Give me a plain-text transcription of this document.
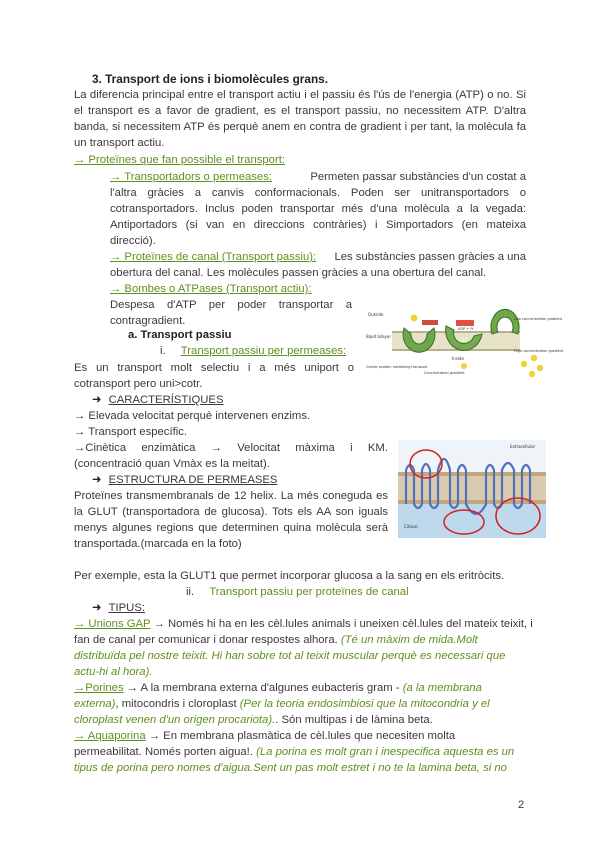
3. Transport de ions i biomolècules grans.
La diferencia principal entre el transport actiu i el passiu és l'ús de l'energia (ATP) o no. Si
el transport es a favor de gradient, es el transport passiu, no necessitem ATP. D'altra
banda, si necessitem ATP és perquè anem en contra de gradient i per tant, la molècula fa
un transport actiu.
→ Proteïnes que fan possible el transport:
→ Transportadors o permeases:	Permeten passar substàncies d'un costat a
l'altra gràcies a canvis conformacionals. Poden ser unitransportadors o
cotransportadors. Inclus poden transportar més d'una molècula a la vegada:
Antiportadors (si van en direccions contràries) i Simportadors (en mateixa
direcció).
→ Proteïnes de canal (Transport passiu): Les substàncies passen gràcies a una
obertura del canal. Les molècules passen gràcies a una obertura del canal.
→ Bombes o ATPases (Transport actiu):
Despesa d'ATP per poder transportar a
contragradient.
a. Transport passiu
i. Transport passiu per permeases:
Es un transport molt selectiu i a més uniport o
cotransport pero uni>cotr.
➜ CARACTERÍSTIQUES
→ Elevada velocitat perquè intervenen enzims.
→ Transport específic.
→Cinètica enzimàtica → Velocitat màxima i KM.
(concentració quan Vmàx es la meitat).
➜ ESTRUCTURA DE PERMEASES
Proteïnes transmembranals de 12 helix. La més coneguda es
la GLUT (transportadora de glucosa). Tots els AA son iguals
menys algunes regions que determinen quina molècula serà
transportada.(marcada en la foto)
Per exemple, esta la GLUT1 que permet incorporar glucosa a la sang en els eritròcits.
ii. Transport passiu per proteïnes de canal
➜ TIPUS:
→ Unions GAP → Només hi ha en les cèl.lules animals i uneixen cèl.lules del mateix teixit, i
fan de canal per comunicar i donar respostes alhora. (Té un màxim de mida.Molt
distribuïda pel nostre teixit. Hi han sobre tot al teixit muscular perquè es necessari que
actu-hi al hora).
→Porines → A la membrana externa d'algunes eubacteris gram - (a la membrana
externa), mitocondris i cloroplast (Per la teoria endosimbiosi que la mitocondria y el
cloroplast venen d'un origen procariota).. Són multipas i de làmina beta.
→ Aquaporina → En membrana plasmàtica de cèl.lules que necesiten molta
permeabilitat. Només porten aigua!. (La porina es molt gran i inespecifica aquesta es un
tipus de porina pero nomes d'aigua.Sent un pas molt estret i no te la lamina beta, si no
2
Outside
Bipid bilayer
Inside
ATP
ADP + Pi
Low concentration gradient
High concentration gradient
Carrier protein mediating transport
Concentration gradient
Extracellular
Citosol
